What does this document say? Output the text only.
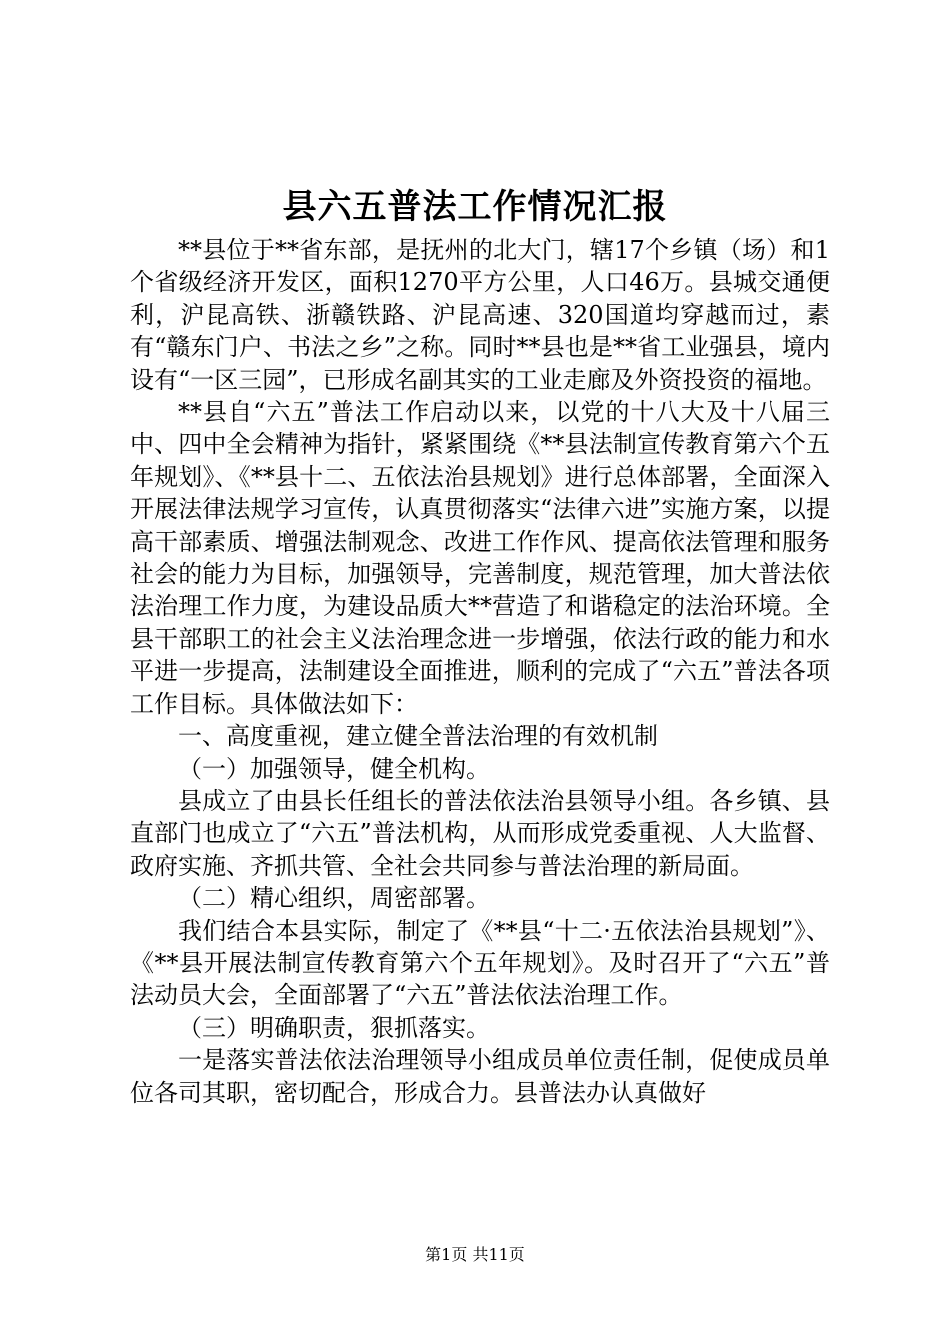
县六五普法工作情况汇报

**县位于**省东部，是抚州的北大门，辖17个乡镇（场）和1个省级经济开发区，面积1270平方公里，人口46万。县城交通便利，沪昆高铁、浙赣铁路、沪昆高速、320国道均穿越而过，素有“赣东门户、书法之乡”之称。同时**县也是**省工业强县，境内设有“一区三园”，已形成名副其实的工业走廊及外资投资的福地。

**县自“六五”普法工作启动以来，以党的十八大及十八届三中、四中全会精神为指针，紧紧围绕《**县法制宣传教育第六个五年规划》、《**县十二、五依法治县规划》进行总体部署，全面深入开展法律法规学习宣传，认真贯彻落实“法律六进”实施方案，以提高干部素质、增强法制观念、改进工作作风、提高依法管理和服务社会的能力为目标，加强领导，完善制度，规范管理，加大普法依法治理工作力度，为建设品质大**营造了和谐稳定的法治环境。全县干部职工的社会主义法治理念进一步增强，依法行政的能力和水平进一步提高，法制建设全面推进，顺利的完成了“六五”普法各项工作目标。具体做法如下：

一、高度重视，建立健全普法治理的有效机制

（一）加强领导，健全机构。

县成立了由县长任组长的普法依法治县领导小组。各乡镇、县直部门也成立了“六五”普法机构，从而形成党委重视、人大监督、政府实施、齐抓共管、全社会共同参与普法治理的新局面。

（二）精心组织，周密部署。

我们结合本县实际，制定了《**县“十二·五依法治县规划”》、《**县开展法制宣传教育第六个五年规划》。及时召开了“六五”普法动员大会，全面部署了“六五”普法依法治理工作。

（三）明确职责，狠抓落实。

一是落实普法依法治理领导小组成员单位责任制，促使成员单位各司其职，密切配合，形成合力。县普法办认真做好

第1页 共11页
